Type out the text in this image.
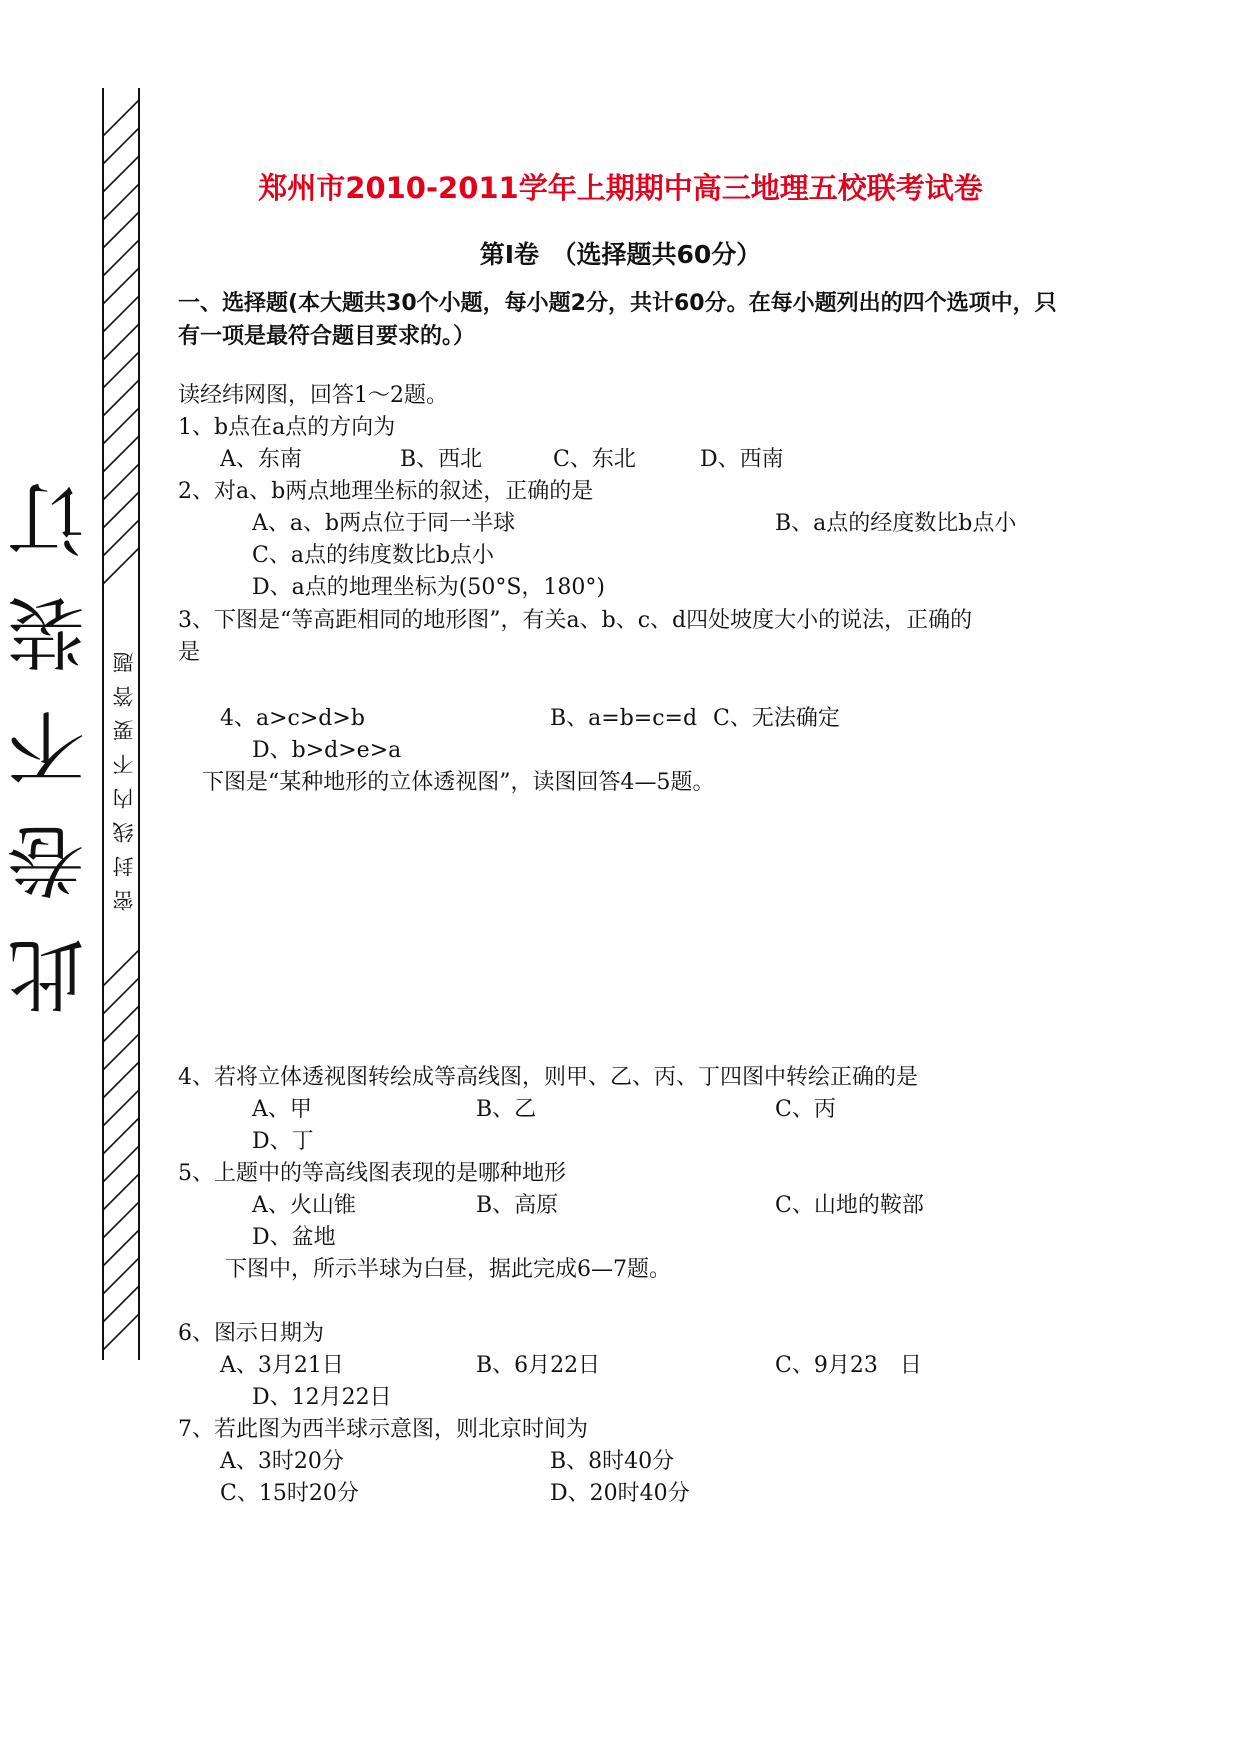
此卷不装订 密封线内不要答题
郑州市2010-2011学年上期期中高三地理五校联考试卷
第I卷　（选择题共60分）
一、选择题(本大题共30个小题，每小题2分，共计60分。在每小题列出的四个选项中，只有一项是最符合题目要求的。）
读经纬网图，回答1～2题。
1、b点在a点的方向为
A、东南	B、西北	C、东北	D、西南
2、对a、b两点地理坐标的叙述，正确的是
A、a、b两点位于同一半球	B、a点的经度数比b点小
C、a点的纬度数比b点小
D、a点的地理坐标为(50°S，180°)
3、下图是“等高距相同的地形图”，有关a、b、c、d四处坡度大小的说法，正确的
是
4、a>c>d>b	B、a=b=c=d C、无法确定
D、b>d>e>a
下图是“某种地形的立体透视图”，读图回答4—5题。
4、若将立体透视图转绘成等高线图，则甲、乙、丙、丁四图中转绘正确的是
A、甲	B、乙	C、丙
D、丁
5、上题中的等高线图表现的是哪种地形
A、火山锥	B、高原	C、山地的鞍部
D、盆地
下图中，所示半球为白昼，据此完成6—7题。
6、图示日期为
A、3月21日	B、6月22日	C、9月23　日
D、12月22日
7、若此图为西半球示意图，则北京时间为
A、3时20分	B、8时40分
C、15时20分	D、20时40分
